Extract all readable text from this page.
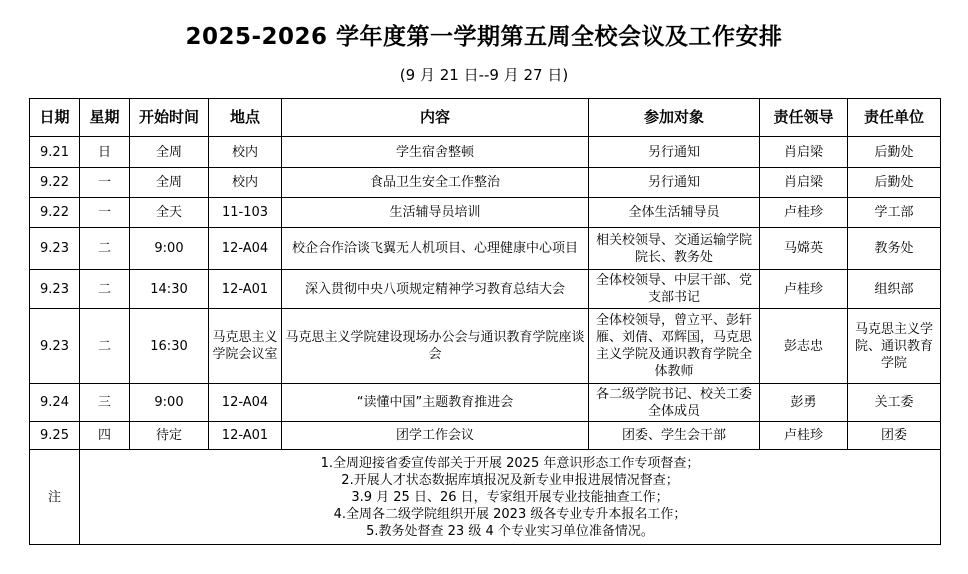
2025-2026 学年度第一学期第五周全校会议及工作安排
(9 月 21 日--9 月 27 日)
日期	星期	开始时间	地点	内容	参加对象	责任领导	责任单位
9.21	日	全周	校内	学生宿舍整顿	另行通知	肖启梁	后勤处
9.22	一	全周	校内	食品卫生安全工作整治	另行通知	肖启梁	后勤处
9.22	一	全天	11-103	生活辅导员培训	全体生活辅导员	卢桂珍	学工部
9.23	二	9:00	12-A04	校企合作洽谈飞翼无人机项目、心理健康中心项目	相关校领导、交通运输学院院长、教务处	马嫦英	教务处
9.23	二	14:30	12-A01	深入贯彻中央八项规定精神学习教育总结大会	全体校领导、中层干部、党支部书记	卢桂珍	组织部
9.23	二	16:30	马克思主义学院会议室	马克思主义学院建设现场办公会与通识教育学院座谈会	全体校领导，曾立平、彭轩雁、刘倩、邓辉国，马克思主义学院及通识教育学院全体教师	彭志忠	马克思主义学院、通识教育学院
9.24	三	9:00	12-A04	“读懂中国”主题教育推进会	各二级学院书记、校关工委全体成员	彭勇	关工委
9.25	四	待定	12-A01	团学工作会议	团委、学生会干部	卢桂珍	团委
注	1.全周迎接省委宣传部关于开展 2025 年意识形态工作专项督查；
2.开展人才状态数据库填报况及新专业申报进展情况督查；
3.9 月 25 日、26 日，专家组开展专业技能抽查工作；
4.全周各二级学院组织开展 2023 级各专业专升本报名工作；
5.教务处督查 23 级 4 个专业实习单位准备情况。						
